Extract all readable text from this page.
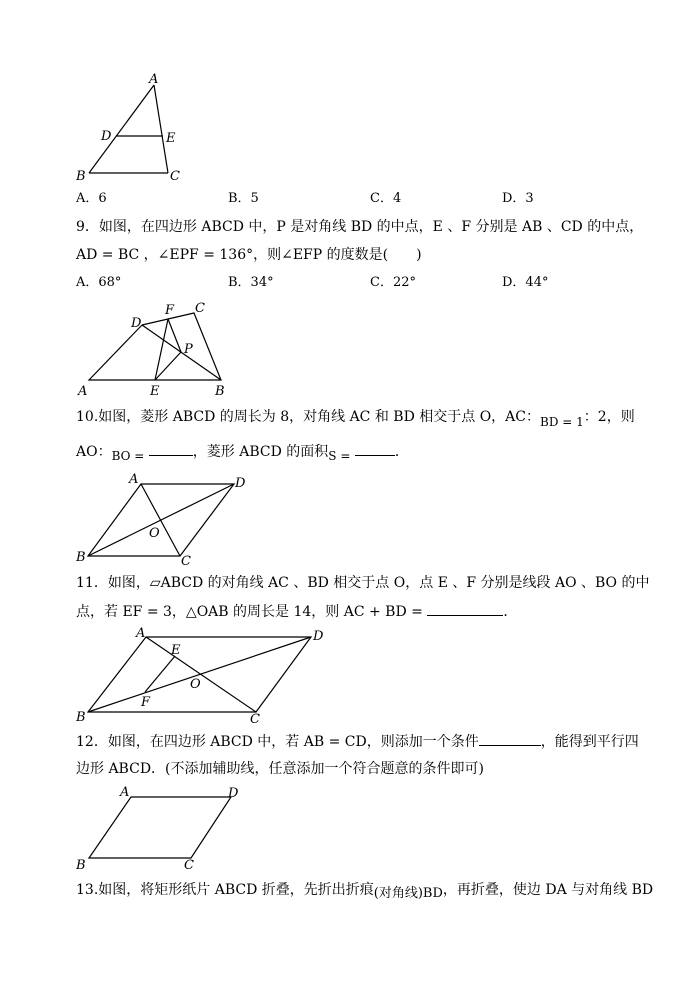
A
D	E
B	C
A．6	B．5	C．4	D．3
9．如图，在四边形 ABCD 中，P 是对角线 BD 的中点，E 、F 分别是 AB 、CD 的中点，
AD = BC ，∠EPF = 136°，则∠EFP 的度数是(　　)
A．68°	B．34°	C．22°	D．44°
D
F C
P
A	E	B
10.如图，菱形 ABCD 的周长为 8，对角线 AC 和 BD 相交于点 O，AC：BD = 1：2，则
AO：BO =	，菱形 ABCD 的面积S =	．
A	D
O
B	C
11．如图，▱ABCD 的对角线 AC 、BD 相交于点 O，点 E 、F 分别是线段 AO 、BO 的中
点，若 EF = 3，△OAB 的周长是 14，则 AC + BD =	．
A	D
E
O
F
B	C
12．如图，在四边形 ABCD 中，若 AB = CD，则添加一个条件	，能得到平行四
边形 ABCD．(不添加辅助线，任意添加一个符合题意的条件即可)
A	D
B	C
13.如图，将矩形纸片 ABCD 折叠，先折出折痕(对角线)BD，再折叠，使边 DA 与对角线 BD
